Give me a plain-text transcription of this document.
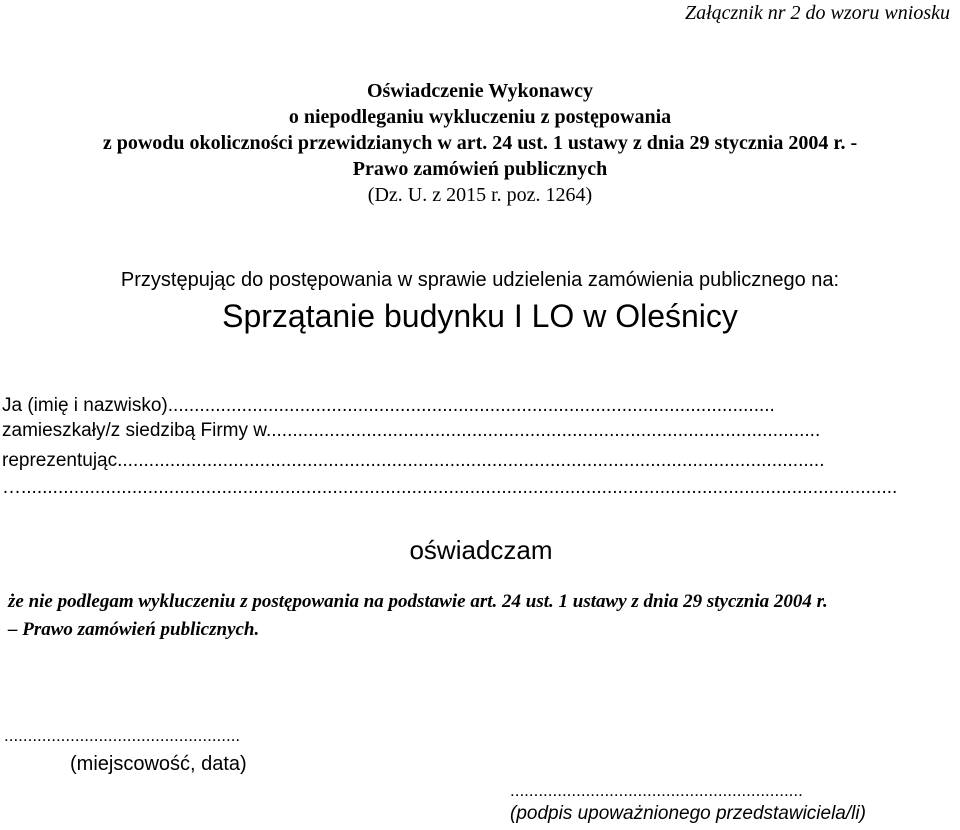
Załącznik nr 2 do wzoru wniosku
Oświadczenie Wykonawcy
o niepodleganiu wykluczeniu z postępowania
z powodu okoliczności przewidzianych w art. 24 ust. 1 ustawy z dnia 29 stycznia 2004 r. -
Prawo zamówień publicznych
(Dz. U. z 2015 r. poz. 1264)
Przystępując do postępowania w sprawie udzielenia zamówienia publicznego na:
Sprzątanie budynku I LO w Oleśnicy
Ja (imię i nazwisko)...................................................................................................................
zamieszkały/z siedzibą Firmy w.........................................................................................................
reprezentując......................................................................................................................................
…......................................................................................................................................................................
oświadczam
że nie podlegam wykluczeniu z postępowania na podstawie art. 24 ust. 1 ustawy z dnia 29 stycznia 2004 r.
– Prawo zamówień publicznych.
..................................................
(miejscowość, data)
..............................................................
(podpis upoważnionego przedstawiciela/li)
